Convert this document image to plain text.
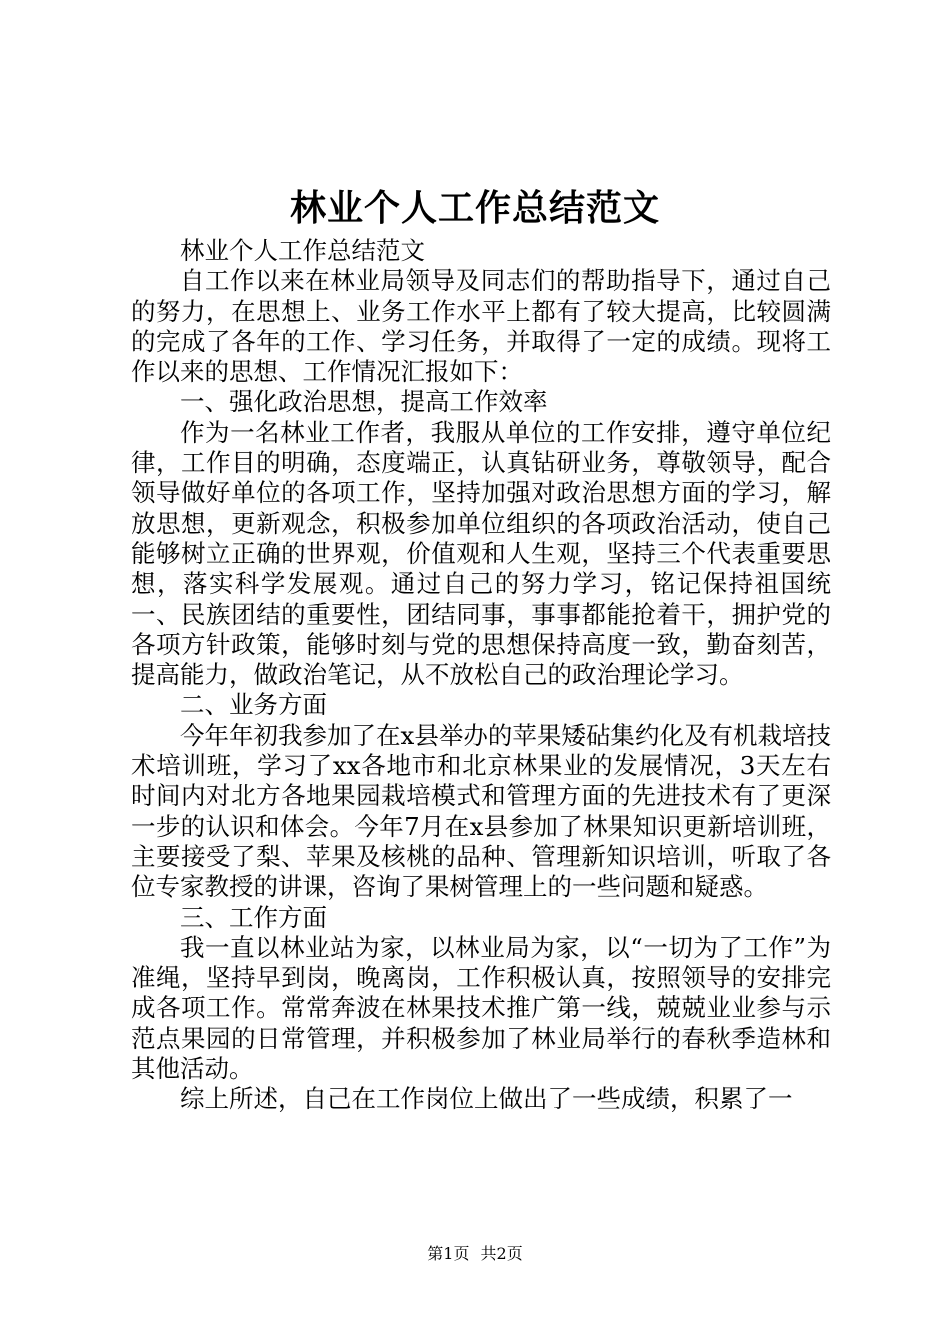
林业个人工作总结范文

林业个人工作总结范文

自工作以来在林业局领导及同志们的帮助指导下，通过自己的努力，在思想上、业务工作水平上都有了较大提高，比较圆满的完成了各年的工作、学习任务，并取得了一定的成绩。现将工作以来的思想、工作情况汇报如下：

一、强化政治思想，提高工作效率

作为一名林业工作者，我服从单位的工作安排，遵守单位纪律，工作目的明确，态度端正，认真钻研业务，尊敬领导，配合领导做好单位的各项工作，坚持加强对政治思想方面的学习，解放思想，更新观念，积极参加单位组织的各项政治活动，使自己能够树立正确的世界观，价值观和人生观，坚持三个代表重要思想，落实科学发展观。通过自己的努力学习，铭记保持祖国统一、民族团结的重要性，团结同事，事事都能抢着干，拥护党的各项方针政策，能够时刻与党的思想保持高度一致，勤奋刻苦，提高能力，做政治笔记，从不放松自己的政治理论学习。

二、业务方面

今年年初我参加了在x县举办的苹果矮砧集约化及有机栽培技术培训班，学习了xx各地市和北京林果业的发展情况，3天左右时间内对北方各地果园栽培模式和管理方面的先进技术有了更深一步的认识和体会。今年7月在x县参加了林果知识更新培训班，主要接受了梨、苹果及核桃的品种、管理新知识培训，听取了各位专家教授的讲课，咨询了果树管理上的一些问题和疑惑。

三、工作方面

我一直以林业站为家，以林业局为家，以“一切为了工作”为准绳，坚持早到岗，晚离岗，工作积极认真，按照领导的安排完成各项工作。常常奔波在林果技术推广第一线，兢兢业业参与示范点果园的日常管理，并积极参加了林业局举行的春秋季造林和其他活动。

综上所述，自己在工作岗位上做出了一些成绩，积累了一

第1页 共2页
